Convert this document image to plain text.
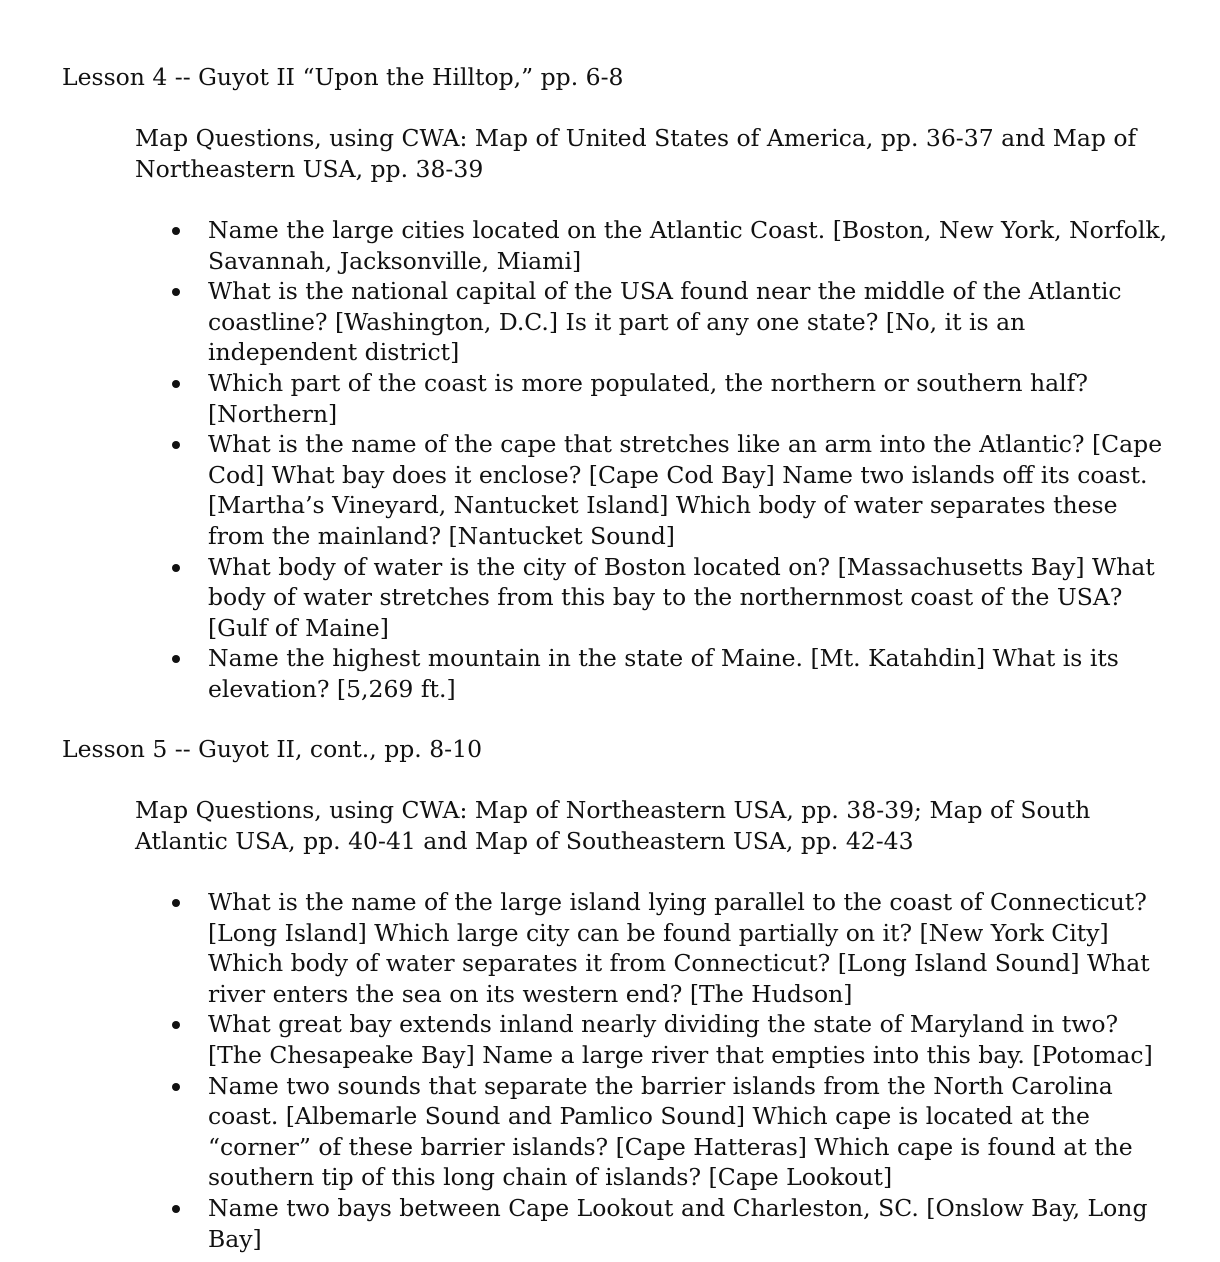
Lesson 4 -- Guyot II “Upon the Hilltop,” pp. 6-8

Map Questions, using CWA: Map of United States of America, pp. 36-37 and Map of Northeastern USA, pp. 38-39

Name the large cities located on the Atlantic Coast. [Boston, New York, Norfolk, Savannah, Jacksonville, Miami]
What is the national capital of the USA found near the middle of the Atlantic coastline? [Washington, D.C.] Is it part of any one state? [No, it is an independent district]
Which part of the coast is more populated, the northern or southern half? [Northern]
What is the name of the cape that stretches like an arm into the Atlantic? [Cape Cod] What bay does it enclose? [Cape Cod Bay] Name two islands off its coast. [Martha’s Vineyard, Nantucket Island] Which body of water separates these from the mainland? [Nantucket Sound]
What body of water is the city of Boston located on? [Massachusetts Bay] What body of water stretches from this bay to the northernmost coast of the USA? [Gulf of Maine]
Name the highest mountain in the state of Maine. [Mt. Katahdin] What is its elevation? [5,269 ft.]
Lesson 5 -- Guyot II, cont., pp. 8-10

Map Questions, using CWA: Map of Northeastern USA, pp. 38-39; Map of South Atlantic USA, pp. 40-41 and Map of Southeastern USA, pp. 42-43

What is the name of the large island lying parallel to the coast of Connecticut? [Long Island] Which large city can be found partially on it? [New York City] Which body of water separates it from Connecticut? [Long Island Sound] What river enters the sea on its western end? [The Hudson]
What great bay extends inland nearly dividing the state of Maryland in two? [The Chesapeake Bay] Name a large river that empties into this bay. [Potomac]
Name two sounds that separate the barrier islands from the North Carolina coast. [Albemarle Sound and Pamlico Sound] Which cape is located at the “corner” of these barrier islands? [Cape Hatteras] Which cape is found at the southern tip of this long chain of islands? [Cape Lookout]
Name two bays between Cape Lookout and Charleston, SC. [Onslow Bay, Long Bay]
